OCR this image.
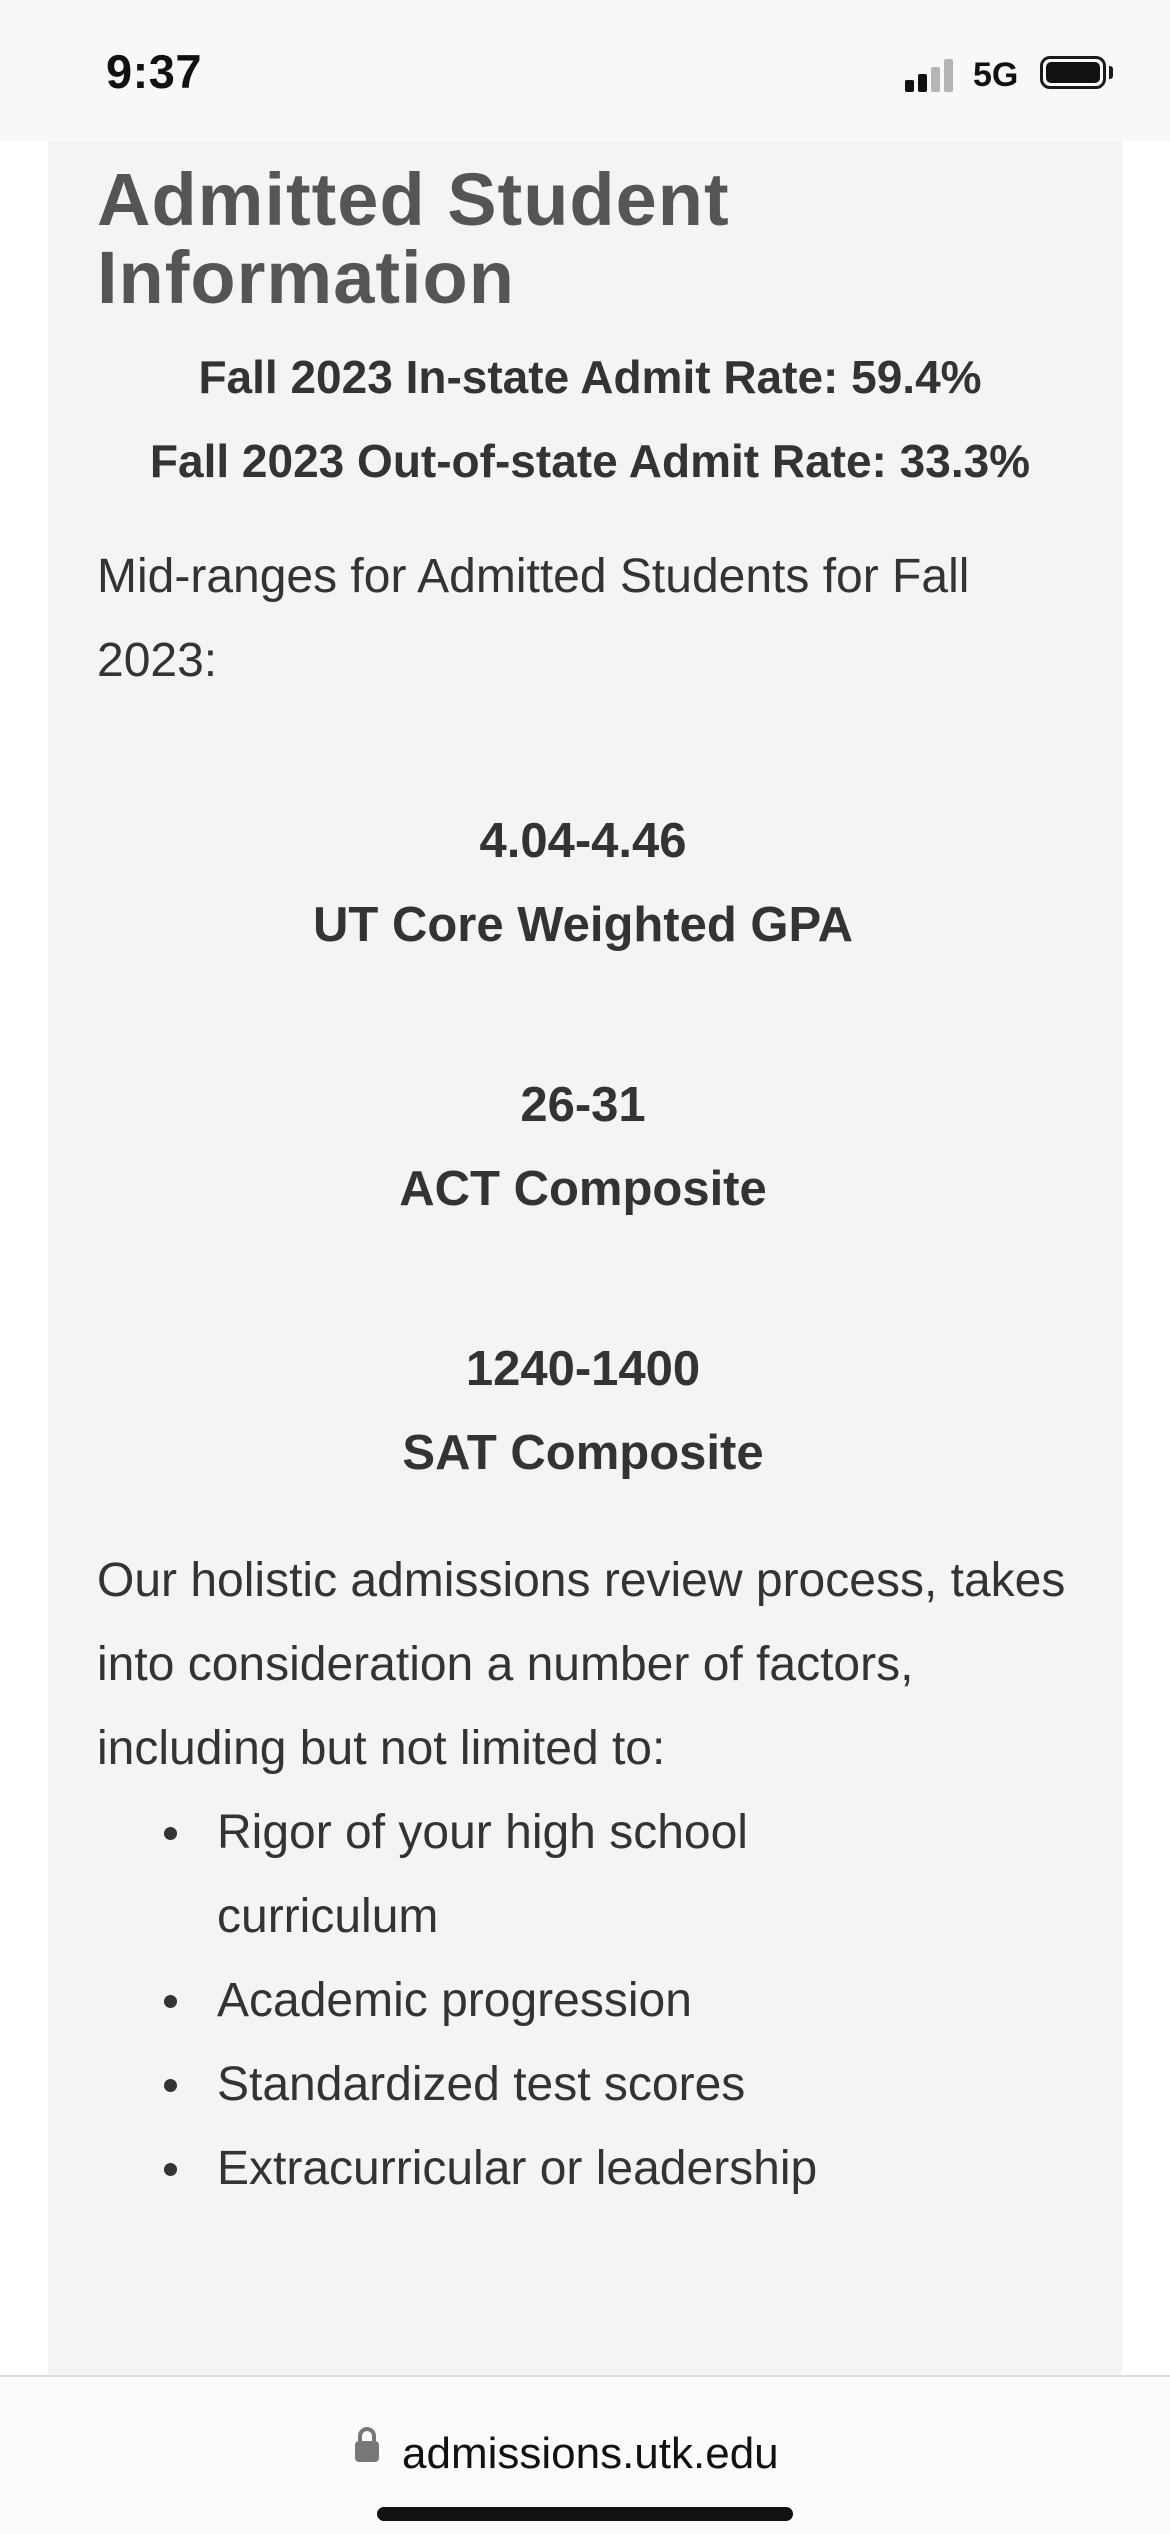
9:37	5G
Admitted Student Information
Fall 2023 In-state Admit Rate: 59.4%
Fall 2023 Out-of-state Admit Rate: 33.3%
Mid-ranges for Admitted Students for Fall 2023:
4.04-4.46
UT Core Weighted GPA
26-31
ACT Composite
1240-1400
SAT Composite
Our holistic admissions review process, takes into consideration a number of factors, including but not limited to:
Rigor of your high school curriculum
Academic progression
Standardized test scores
Extracurricular or leadership
admissions.utk.edu
